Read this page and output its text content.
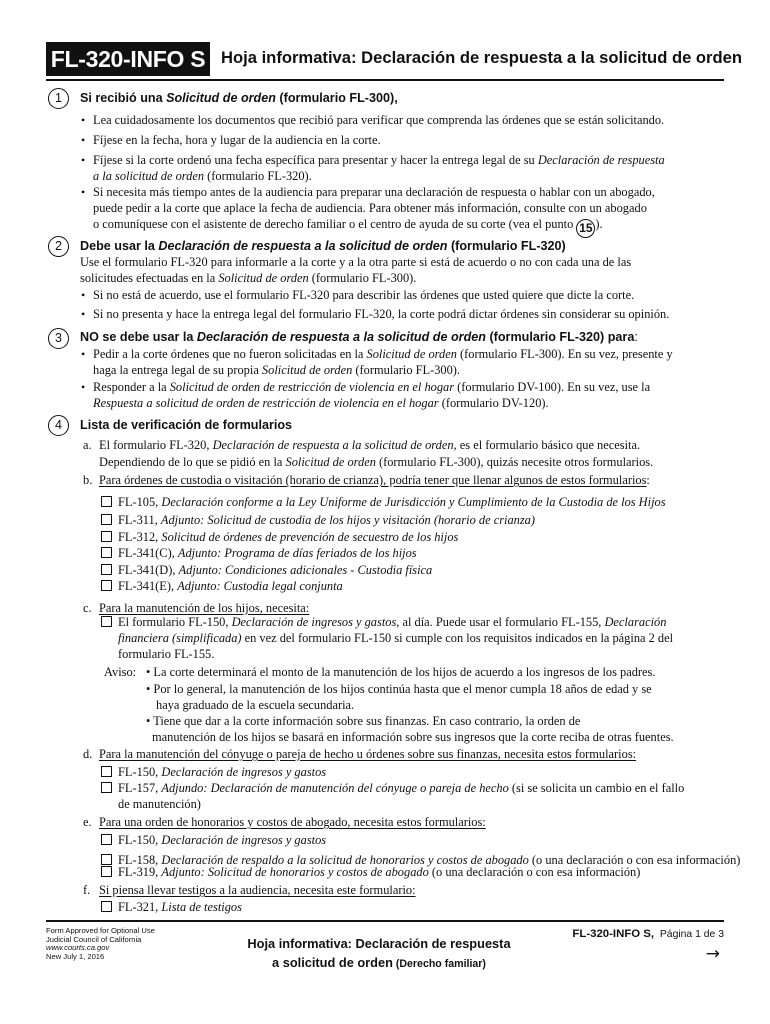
FL-320-INFO S Hoja informativa: Declaración de respuesta a la solicitud de orden
1	Si recibió una Solicitud de orden (formulario FL-300),
• Lea cuidadosamente los documentos que recibió para verificar que comprenda las órdenes que se están solicitando.
• Fíjese en la fecha, hora y lugar de la audiencia en la corte.
• Fíjese si la corte ordenó una fecha específica para presentar y hacer la entrega legal de su Declaración de respuesta
a la solicitud de orden (formulario FL-320).
• Si necesita más tiempo antes de la audiencia para preparar una declaración de respuesta o hablar con un abogado,
puede pedir a la corte que aplace la fecha de audiencia. Para obtener más información, consulte con un abogado
o comuníquese con el asistente de derecho familiar o el centro de ayuda de su corte (vea el punto 15 ).
2	Debe usar la Declaración de respuesta a la solicitud de orden (formulario FL-320)
Use el formulario FL-320 para informarle a la corte y a la otra parte si está de acuerdo o no con cada una de las
solicitudes efectuadas en la Solicitud de orden (formulario FL-300).
• Si no está de acuerdo, use el formulario FL-320 para describir las órdenes que usted quiere que dicte la corte.
• Si no presenta y hace la entrega legal del formulario FL-320, la corte podrá dictar órdenes sin considerar su opinión.
3	NO se debe usar la Declaración de respuesta a la solicitud de orden (formulario FL-320) para:
• Pedir a la corte órdenes que no fueron solicitadas en la Solicitud de orden (formulario FL-300). En su vez, presente y
haga la entrega legal de su propia Solicitud de orden (formulario FL-300).
• Responder a la Solicitud de orden de restricción de violencia en el hogar (formulario DV-100). En su vez, use la
Respuesta a solicitud de orden de restricción de violencia en el hogar (formulario DV-120).
4	Lista de verificación de formularios
a. El formulario FL-320, Declaración de respuesta a la solicitud de orden, es el formulario básico que necesita.
Dependiendo de lo que se pidió en la Solicitud de orden (formulario FL-300), quizás necesite otros formularios.
b. Para órdenes de custodia o visitación (horario de crianza), podría tener que llenar algunos de estos formularios:
FL-105, Declaración conforme a la Ley Uniforme de Jurisdicción y Cumplimiento de la Custodia de los Hijos
FL-311, Adjunto: Solicitud de custodia de los hijos y visitación (horario de crianza)
FL-312, Solicitud de órdenes de prevención de secuestro de los hijos
FL-341(C), Adjunto: Programa de días feriados de los hijos
FL-341(D), Adjunto: Condiciones adicionales - Custodia física
FL-341(E), Adjunto: Custodia legal conjunta
c. Para la manutención de los hijos, necesita:
El formulario FL-150, Declaración de ingresos y gastos, al día. Puede usar el formulario FL-155, Declaración
financiera (simplificada) en vez del formulario FL-150 si cumple con los requisitos indicados en la página 2 del
formulario FL-155.
Aviso: • La corte determinará el monto de la manutención de los hijos de acuerdo a los ingresos de los padres.
• Por lo general, la manutención de los hijos continúa hasta que el menor cumpla 18 años de edad y se
haya graduado de la escuela secundaria.
• Tiene que dar a la corte información sobre sus finanzas. En caso contrario, la orden de
manutención de los hijos se basará en información sobre sus ingresos que la corte reciba de otras fuentes.
d. Para la manutención del cónyuge o pareja de hecho u órdenes sobre sus finanzas, necesita estos formularios:
FL-150, Declaración de ingresos y gastos
FL-157, Adjundo: Declaración de manutención del cónyuge o pareja de hecho (si se solicita un cambio en el fallo
de manutención)
e. Para una orden de honorarios y costos de abogado, necesita estos formularios:
FL-150, Declaración de ingresos y gastos
FL-158, Declaración de respaldo a la solicitud de honorarios y costos de abogado (o una declaración o con esa información)
FL-319, Adjunto: Solicitud de honorarios y costos de abogado (o una declaración o con esa información)
f. Si piensa llevar testigos a la audiencia, necesita este formulario:
FL-321, Lista de testigos
Form Approved for Optional Use
Judicial Council of California
www.courts.ca.gov
New July 1, 2016
Hoja informativa: Declaración de respuesta
a solicitud de orden (Derecho familiar)
FL-320-INFO S, Página 1 de 3
→
